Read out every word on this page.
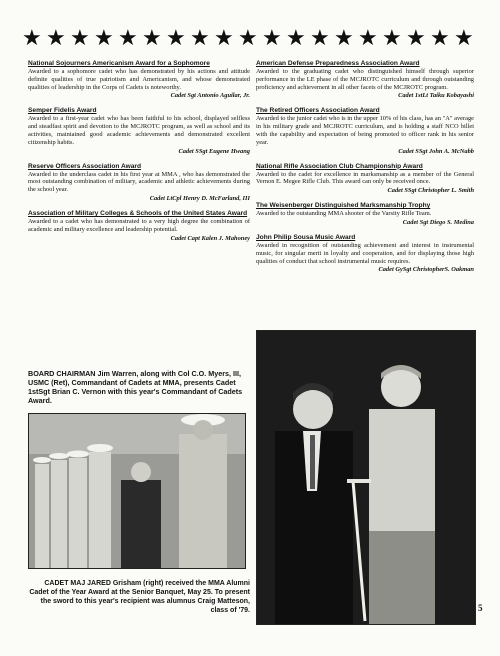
★ ★ ★ ★ ★ ★ ★ ★ ★ ★ ★ ★ ★ ★ ★ ★ ★ ★ ★
National Sojourners Americanism Award for a Sophomore
Awarded to a sophomore cadet who has demonstrated by his actions and attitude definite qualities of true patriotism and Americanism, and whose demonstrated qualities of leadership in the Corps of Cadets is noteworthy.
Cadet Sgt Antonio Aguilar, Jr.
Semper Fidelis Award
Awarded to a first-year cadet who has been faithful to his school, displayed selfless and steadfast spirit and devotion to the MCJROTC program, as well as school and its activities, maintained good academic achievements and demonstrated excellent citizenship habits.
Cadet SSgt Eugene Hwang
Reserve Officers Association Award
Awarded to the underclass cadet in his first year at MMA , who has demonstrated the most outstanding combination of military, academic and athletic achievements during the school year.
Cadet LtCpl Henry D. McFarland, III
Association of Military Colleges & Schools of the United States Award
Awarded to a cadet who has demonstrated to a very high degree the combination of academic and military excellence and leadership potential.
Cadet Capt Kalen J. Mahoney
American Defense Preparedness Association Award
Awarded to the graduating cadet who distinguished himself through superior performance in the LE phase of the MCJROTC curriculum and through outstanding proficiency and achievement in all other facets of the MCJROTC program.
Cadet 1stLt Taiku Kobayashi
The Retired Officers Association Award
Awarded to the junior cadet who is in the upper 10% of his class, has an "A" average in his military grade and MCJROTC curriculum, and is holding a staff NCO billet with the capability and expectation of being promoted to officer rank in his senior year.
Cadet SSgt John A. McNabb
National Rifle Association Club Championship Award
Awarded to the cadet for excellence in marksmanship as a member of the General Vernon E. Megee Rifle Club. This award can only be received once.
Cadet SSgt Christopher L. Smith
The Weisenberger Distinguished Marksmanship Trophy
Awarded to the outstanding MMA shooter of the Varsity Rifle Team.
Cadet Sgt Diego S. Medina
John Philip Sousa Music Award
Awarded in recognition of outstanding achievement and interest in instrumental music, for singular merit in loyalty and cooperation, and for displaying those high qualities of conduct that school instrumental music requires.
Cadet GySgt ChristopherS. Oakman
BOARD CHAIRMAN Jim Warren, along with Col C.O. Myers, III, USMC (Ret), Commandant of Cadets at MMA, presents Cadet 1stSgt Brian C. Vernon with this year's Commandant of Cadets Award.
CADET MAJ JARED Grisham (right) received the MMA Alumni Cadet of the Year Award at the Senior Banquet, May 25. To present the sword to this year's recipient was alumnus Craig Matteson, class of '79.	5
